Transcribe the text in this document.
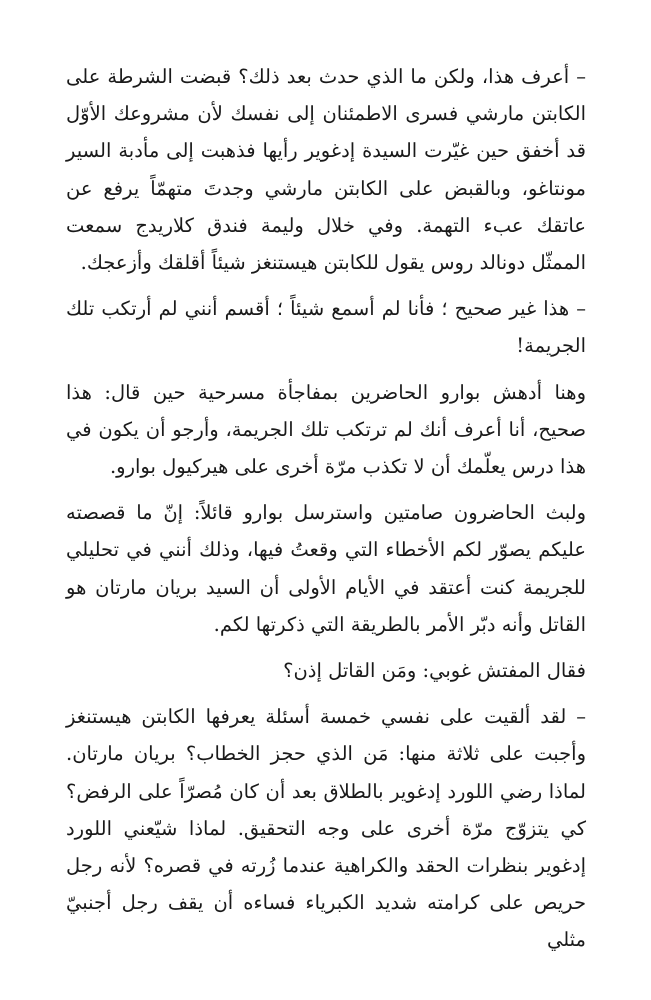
– أعرف هذا، ولكن ما الذي حدث بعد ذلك؟ قبضت الشرطة على الكابتن مارشي فسرى الاطمئنان إلى نفسك لأن مشروعك الأوّل قد أخفق حين غيّرت السيدة إدغوير رأيها فذهبت إلى مأدبة السير مونتاغو، وبالقبض على الكابتن مارشي وجدتَ متهمّاً يرفع عن عاتقك عبء التهمة. وفي خلال وليمة فندق كلاريدج سمعت الممثّل دونالد روس يقول للكابتن هيستنغز شيئاً أقلقك وأزعجك.

– هذا غير صحيح ؛ فأنا لم أسمع شيئاً ؛ أقسم أنني لم أرتكب تلك الجريمة!

وهنا أدهش بوارو الحاضرين بمفاجأة مسرحية حين قال: هذا صحيح، أنا أعرف أنك لم ترتكب تلك الجريمة، وأرجو أن يكون في هذا درس يعلّمك أن لا تكذب مرّة أخرى على هيركيول بوارو.

ولبث الحاضرون صامتين واسترسل بوارو قائلاً: إنّ ما قصصته عليكم يصوّر لكم الأخطاء التي وقعتُ فيها، وذلك أنني في تحليلي للجريمة كنت أعتقد في الأيام الأولى أن السيد بريان مارتان هو القاتل وأنه دبّر الأمر بالطريقة التي ذكرتها لكم.

فقال المفتش غوبي: ومَن القاتل إذن؟

– لقد ألقيت على نفسي خمسة أسئلة يعرفها الكابتن هيستنغز وأجبت على ثلاثة منها: مَن الذي حجز الخطاب؟ بريان مارتان. لماذا رضي اللورد إدغوير بالطلاق بعد أن كان مُصرّاً على الرفض؟ كي يتزوّج مرّة أخرى على وجه التحقيق. لماذا شيّعني اللورد إدغوير بنظرات الحقد والكراهية عندما زُرته في قصره؟ لأنه رجل حريص على كرامته شديد الكبرياء فساءه أن يقف رجل أجنبيّ مثلي
